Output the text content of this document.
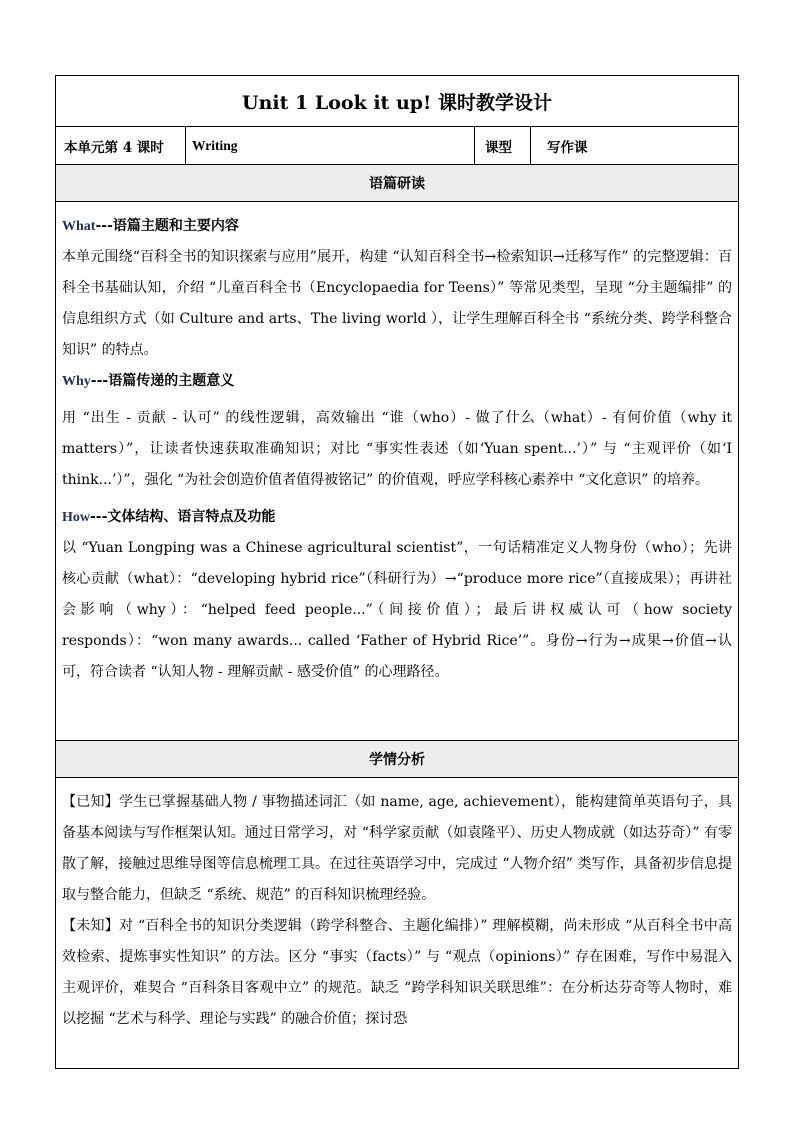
Unit 1 Look it up! 课时教学设计
本单元第 4 课时	Writing	课型	写作课
语篇研读

What---语篇主题和主要内容

本单元围绕“百科全书的知识探索与应用”展开，构建 “认知百科全书→检索知识→迁移写作” 的完整逻辑：百科全书基础认知，介绍 “儿童百科全书（Encyclopaedia for Teens）” 等常见类型，呈现 “分主题编排” 的信息组织方式（如 Culture and arts、The living world ），让学生理解百科全书 “系统分类、跨学科整合知识” 的特点。

Why---语篇传递的主题意义

用 “出生 - 贡献 - 认可” 的线性逻辑，高效输出 “谁（who）- 做了什么（what）- 有何价值（why it matters）”，让读者快速获取准确知识；对比 “事实性表述（如‘Yuan spent...’）” 与 “主观评价（如‘I think...’）”，强化 “为社会创造价值者值得被铭记” 的价值观，呼应学科核心素养中 “文化意识” 的培养。

How---文体结构、语言特点及功能

以 “Yuan Longping was a Chinese agricultural scientist”，一句话精准定义人物身份（who）；先讲核心贡献（what）：“developing hybrid rice”（科研行为）→“produce more rice”（直接成果）；再讲社会影响（why）：“helped feed people...”（间接价值）；最后讲权威认可（how society responds）：“won many awards... called ‘Father of Hybrid Rice’”。身份→行为→成果→价值→认可，符合读者 “认知人物 - 理解贡献 - 感受价值” 的心理路径。

学情分析

【已知】学生已掌握基础人物 / 事物描述词汇（如 name, age, achievement），能构建简单英语句子，具备基本阅读与写作框架认知。通过日常学习，对 “科学家贡献（如袁隆平）、历史人物成就（如达芬奇）” 有零散了解，接触过思维导图等信息梳理工具。在过往英语学习中，完成过 “人物介绍” 类写作，具备初步信息提取与整合能力，但缺乏 “系统、规范” 的百科知识梳理经验。

【未知】对 “百科全书的知识分类逻辑（跨学科整合、主题化编排）” 理解模糊，尚未形成 “从百科全书中高效检索、提炼事实性知识” 的方法。区分 “事实（facts）” 与 “观点（opinions）” 存在困难，写作中易混入主观评价，难契合 “百科条目客观中立” 的规范。缺乏 “跨学科知识关联思维”：在分析达芬奇等人物时，难以挖掘 “艺术与科学、理论与实践” 的融合价值；探讨恐
